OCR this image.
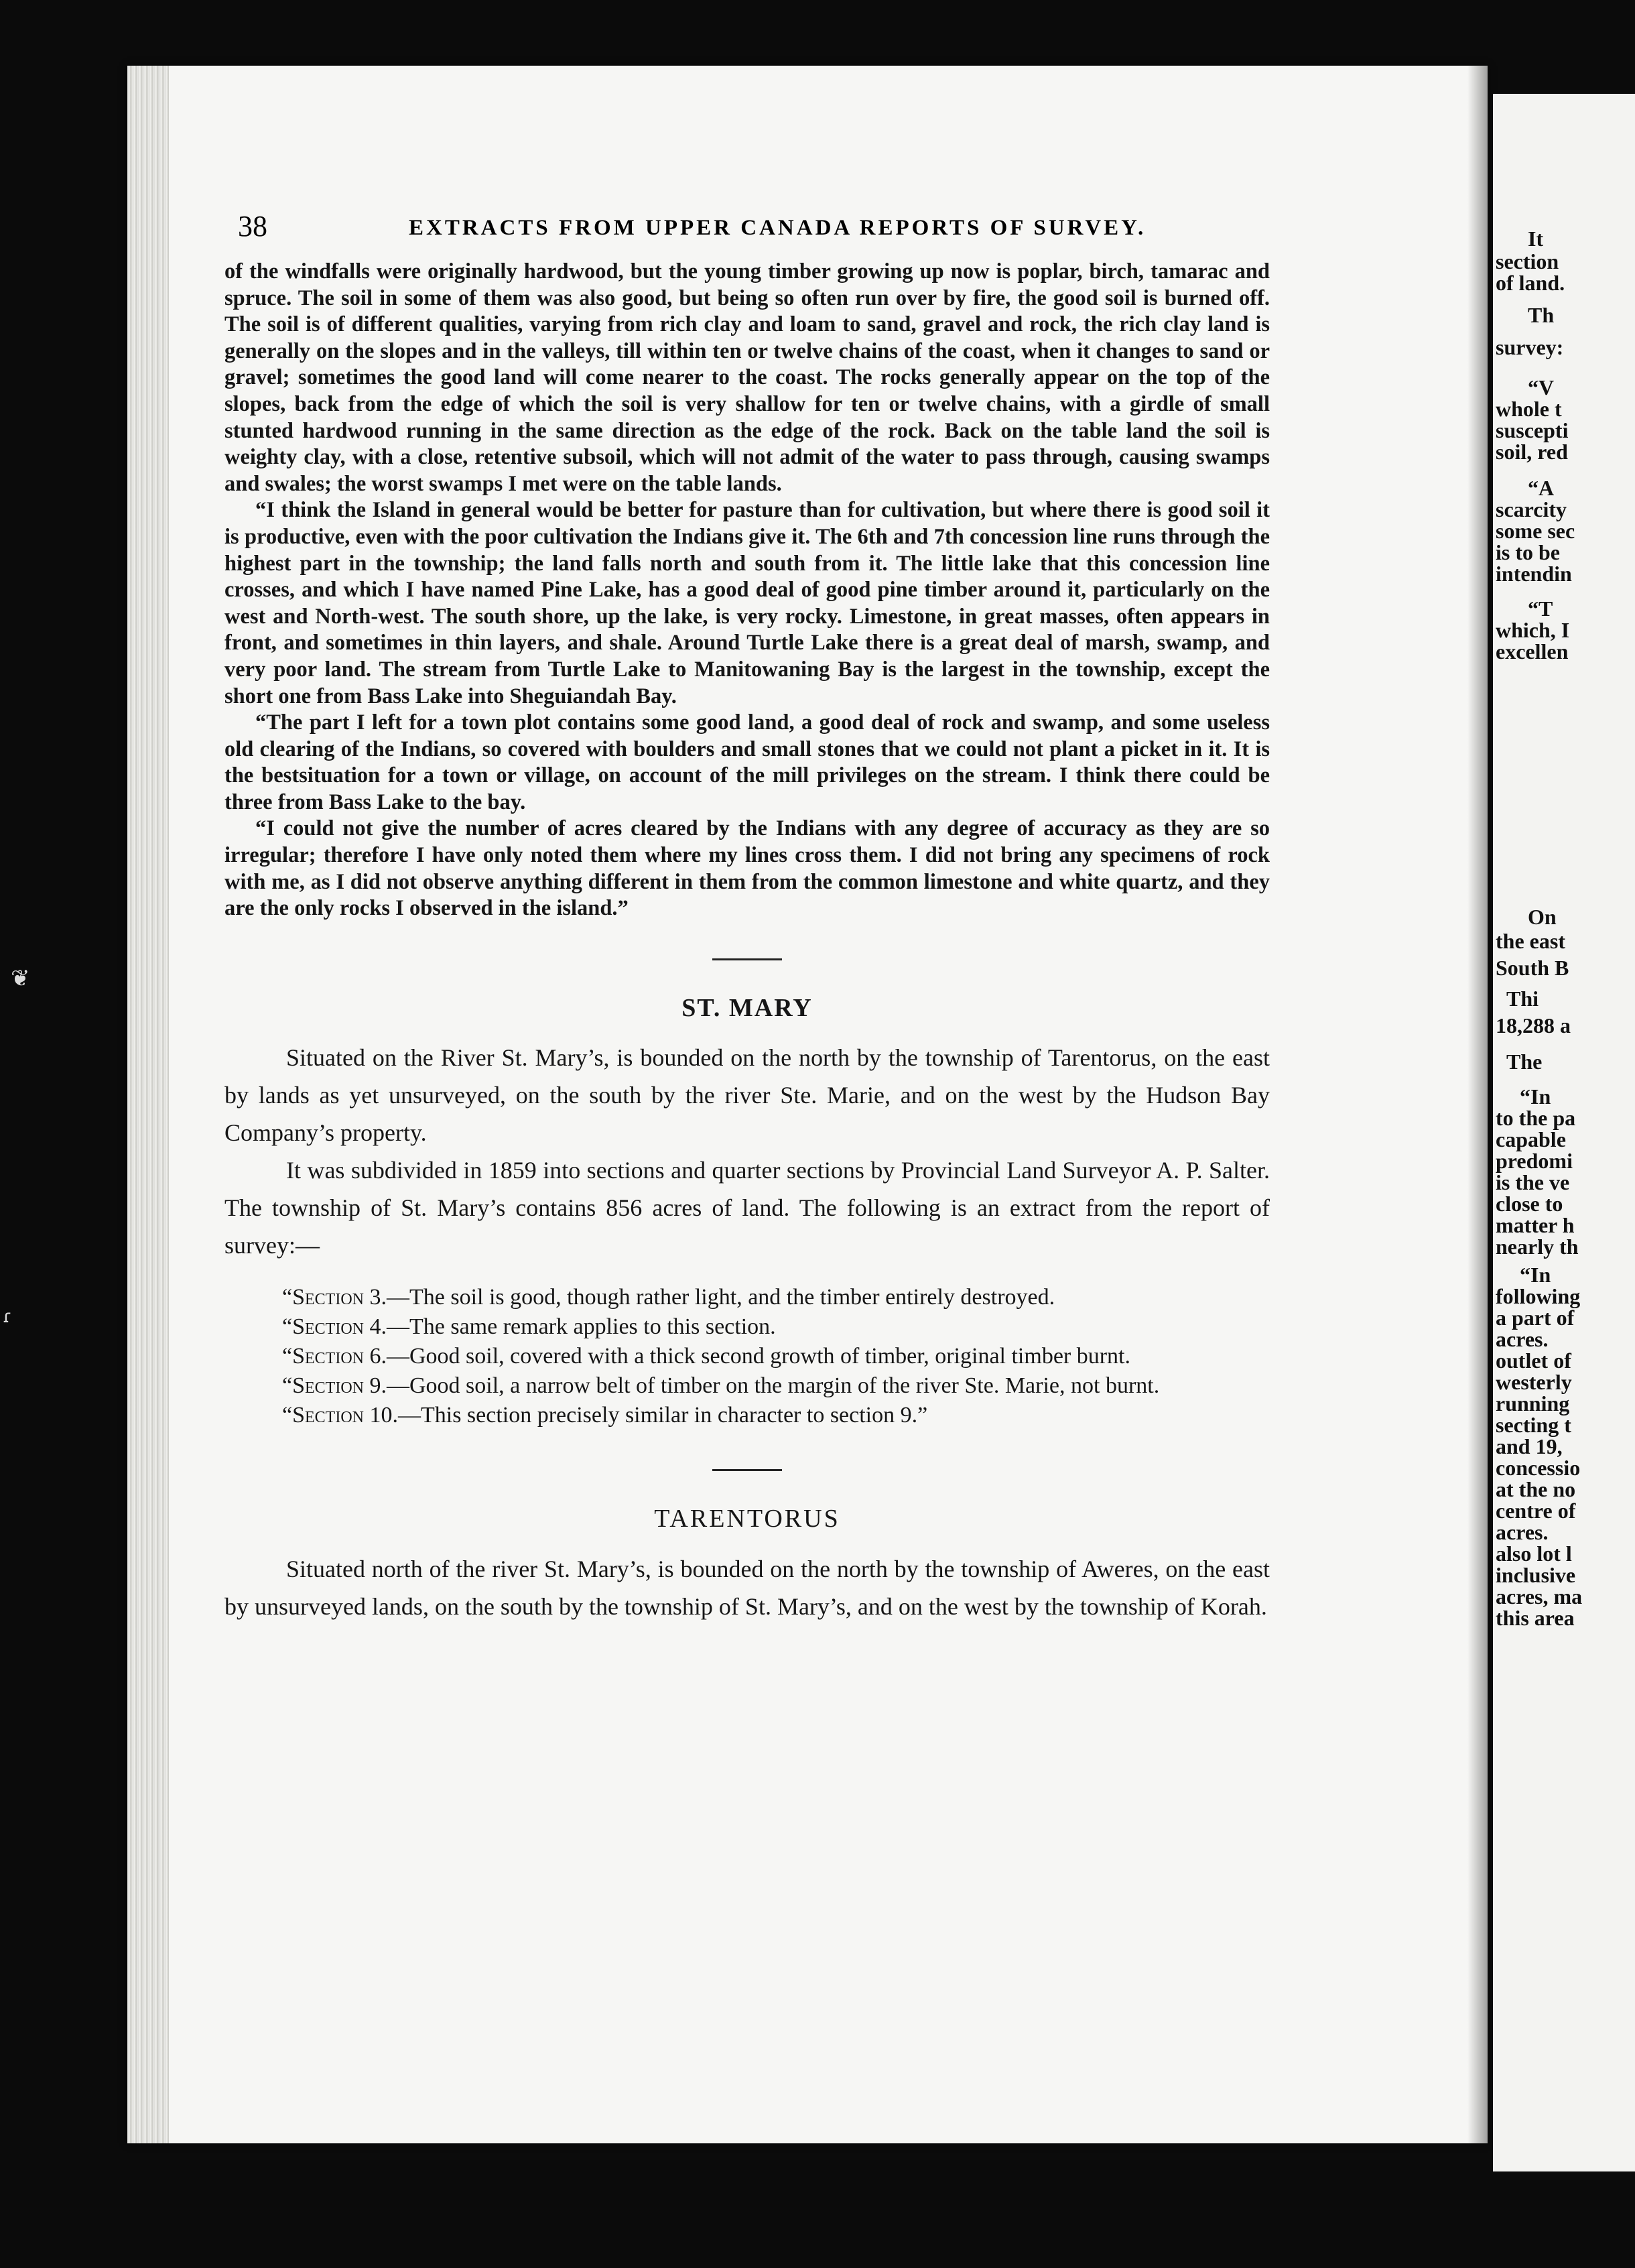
❦
ɾ
38	EXTRACTS FROM UPPER CANADA REPORTS OF SURVEY.

of the windfalls were originally hardwood, but the young timber growing up now is poplar, birch, tamarac and spruce. The soil in some of them was also good, but being so often run over by fire, the good soil is burned off. The soil is of different qualities, varying from rich clay and loam to sand, gravel and rock, the rich clay land is generally on the slopes and in the valleys, till within ten or twelve chains of the coast, when it changes to sand or gravel; sometimes the good land will come nearer to the coast. The rocks generally appear on the top of the slopes, back from the edge of which the soil is very shallow for ten or twelve chains, with a girdle of small stunted hardwood running in the same direction as the edge of the rock. Back on the table land the soil is weighty clay, with a close, retentive subsoil, which will not admit of the water to pass through, causing swamps and swales; the worst swamps I met were on the table lands.

“I think the Island in general would be better for pasture than for cultivation, but where there is good soil it is productive, even with the poor cultivation the Indians give it. The 6th and 7th concession line runs through the highest part in the township; the land falls north and south from it. The little lake that this concession line crosses, and which I have named Pine Lake, has a good deal of good pine timber around it, particularly on the west and North-west. The south shore, up the lake, is very rocky. Limestone, in great masses, often appears in front, and sometimes in thin layers, and shale. Around Turtle Lake there is a great deal of marsh, swamp, and very poor land. The stream from Turtle Lake to Manitowaning Bay is the largest in the township, except the short one from Bass Lake into Sheguiandah Bay.

“The part I left for a town plot contains some good land, a good deal of rock and swamp, and some useless old clearing of the Indians, so covered with boulders and small stones that we could not plant a picket in it. It is the bestsituation for a town or village, on account of the mill privileges on the stream. I think there could be three from Bass Lake to the bay.

“I could not give the number of acres cleared by the Indians with any degree of accuracy as they are so irregular; therefore I have only noted them where my lines cross them. I did not bring any specimens of rock with me, as I did not observe anything different in them from the common limestone and white quartz, and they are the only rocks I observed in the island.”

ST. MARY

Situated on the River St. Mary’s, is bounded on the north by the township of Tarentorus, on the east by lands as yet unsurveyed, on the south by the river Ste. Marie, and on the west by the Hudson Bay Company’s property.

It was subdivided in 1859 into sections and quarter sections by Provincial Land Surveyor A. P. Salter. The township of St. Mary’s contains 856 acres of land. The following is an extract from the report of survey:—

“Section 3.—The soil is good, though rather light, and the timber entirely destroyed.

“Section 4.—The same remark applies to this section.

“Section 6.—Good soil, covered with a thick second growth of timber, original timber burnt.

“Section 9.—Good soil, a narrow belt of timber on the margin of the river Ste. Marie, not burnt.

“Section 10.—This section precisely similar in character to section 9.”

TARENTORUS

Situated north of the river St. Mary’s, is bounded on the north by the township of Aweres, on the east by unsurveyed lands, on the south by the township of St. Mary’s, and on the west by the township of Korah.

It
section
of land.
Th
survey:
“V
whole t
suscepti
soil, red
“A
scarcity
some sec
is to be
intendin
“T
which, I
excellen
On
the east
South B
Thi
18,288 a
The
“In
to the pa
capable
predomi
is the ve
close to
matter h
nearly th
“In
following
a part of
acres.
outlet of
westerly
running
secting t
and 19,
concessio
at the no
centre of
acres.
also lot l
inclusive
acres, ma
this area
